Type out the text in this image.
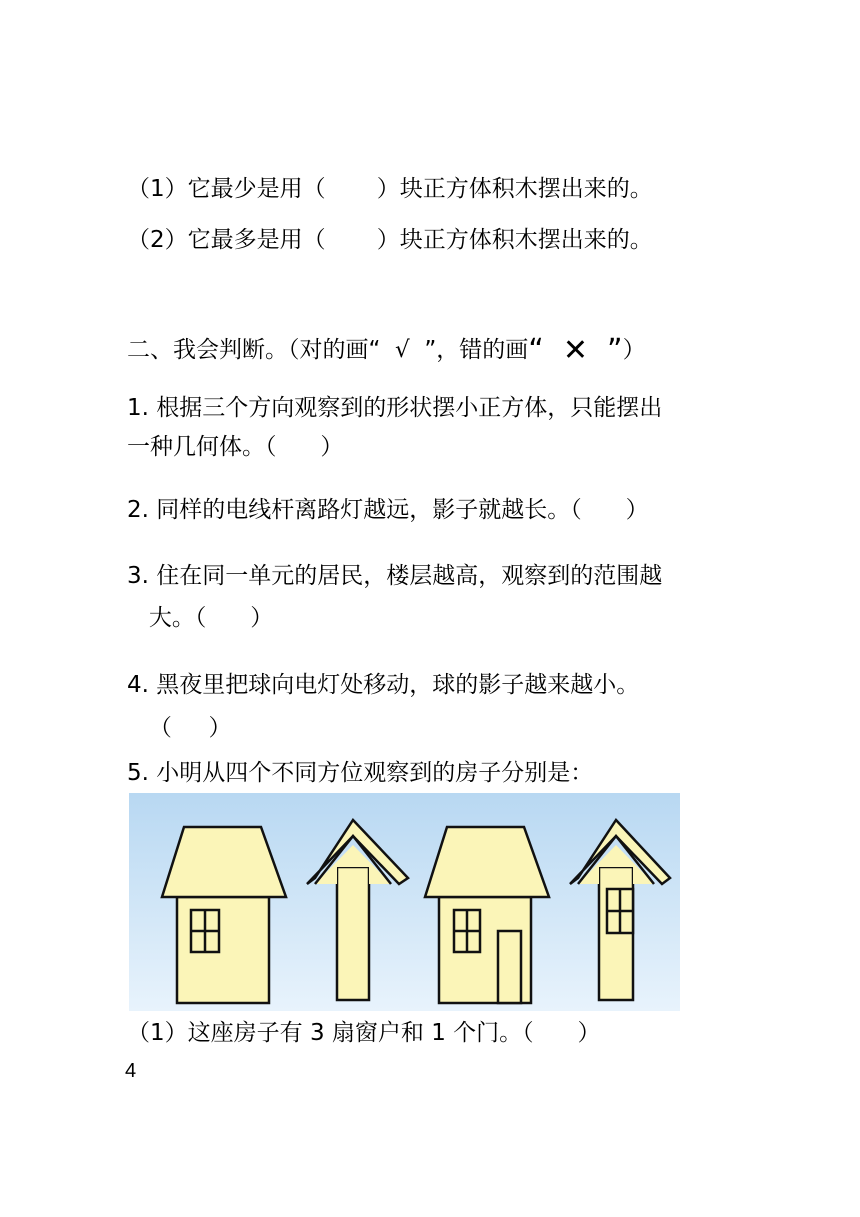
（1）它最少是用（       ）块正方体积木摆出来的。

（2）它最多是用（       ）块正方体积木摆出来的。

二、我会判断。（对的画“  √  ”，错的画“  ✕  ”）

1. 根据三个方向观察到的形状摆小正方体，只能摆出

一种几何体。（      ）

2. 同样的电线杆离路灯越远，影子就越长。（      ）

3. 住在同一单元的居民，楼层越高，观察到的范围越

大。（      ）

4. 黑夜里把球向电灯处移动，球的影子越来越小。

（     ）

5. 小明从四个不同方位观察到的房子分别是：

（1）这座房子有 3 扇窗户和 1 个门。（      ）

4
